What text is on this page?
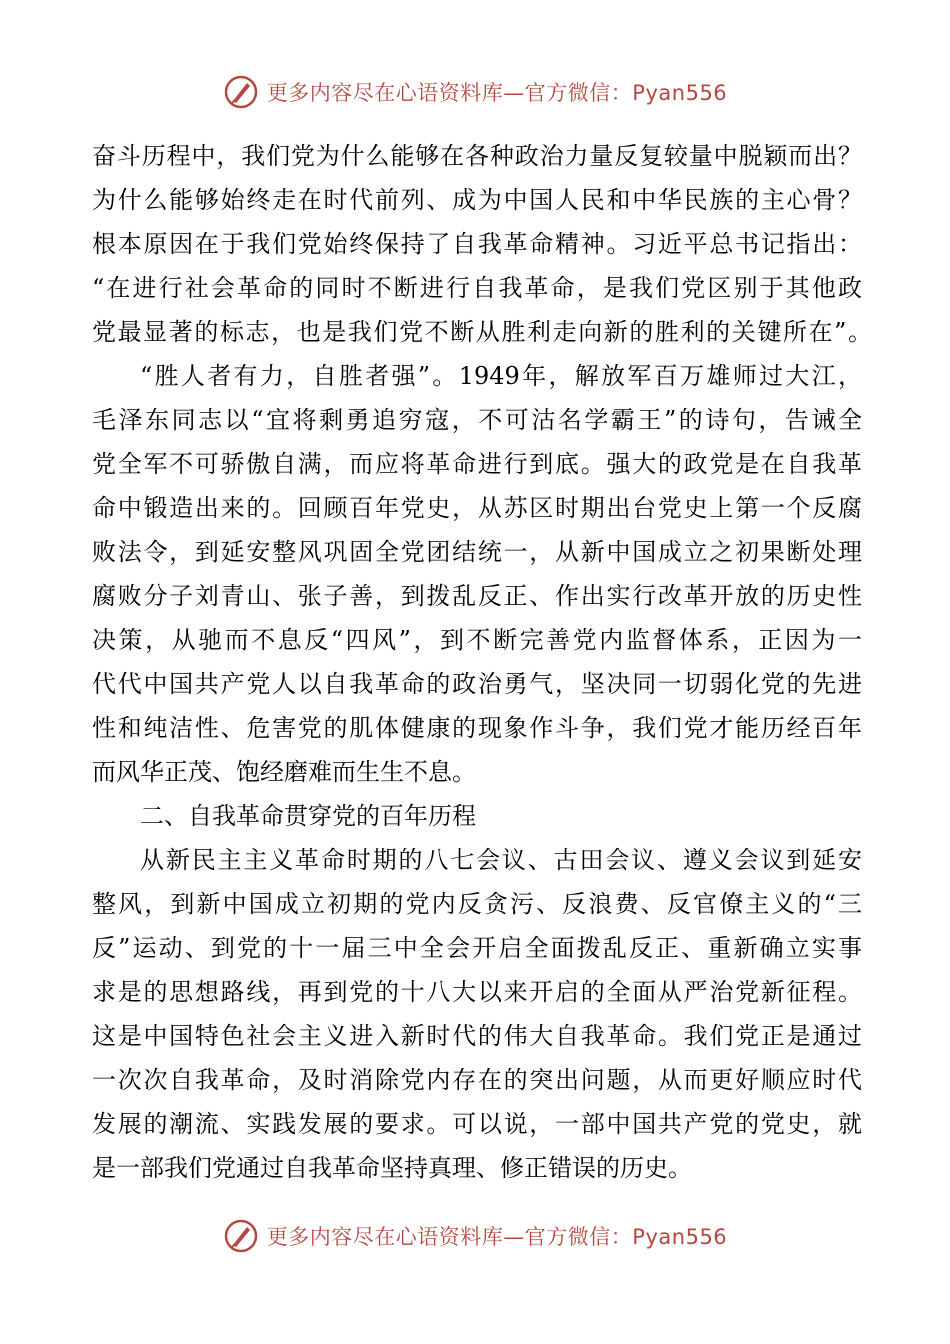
更多内容尽在心语资料库—官方微信：Pyan556
奋斗历程中，我们党为什么能够在各种政治力量反复较量中脱颖而出？
为什么能够始终走在时代前列、成为中国人民和中华民族的主心骨？
根本原因在于我们党始终保持了自我革命精神。习近平总书记指出：
“在进行社会革命的同时不断进行自我革命，是我们党区别于其他政
党最显著的标志，也是我们党不断从胜利走向新的胜利的关键所在”。
“胜人者有力，自胜者强”。1949年，解放军百万雄师过大江，
毛泽东同志以“宜将剩勇追穷寇，不可沽名学霸王”的诗句，告诫全
党全军不可骄傲自满，而应将革命进行到底。强大的政党是在自我革
命中锻造出来的。回顾百年党史，从苏区时期出台党史上第一个反腐
败法令，到延安整风巩固全党团结统一，从新中国成立之初果断处理
腐败分子刘青山、张子善，到拨乱反正、作出实行改革开放的历史性
决策，从驰而不息反“四风”，到不断完善党内监督体系，正因为一
代代中国共产党人以自我革命的政治勇气，坚决同一切弱化党的先进
性和纯洁性、危害党的肌体健康的现象作斗争，我们党才能历经百年
而风华正茂、饱经磨难而生生不息。
二、自我革命贯穿党的百年历程
从新民主主义革命时期的八七会议、古田会议、遵义会议到延安
整风，到新中国成立初期的党内反贪污、反浪费、反官僚主义的“三
反”运动、到党的十一届三中全会开启全面拨乱反正、重新确立实事
求是的思想路线，再到党的十八大以来开启的全面从严治党新征程。
这是中国特色社会主义进入新时代的伟大自我革命。我们党正是通过
一次次自我革命，及时消除党内存在的突出问题，从而更好顺应时代
发展的潮流、实践发展的要求。可以说，一部中国共产党的党史，就
是一部我们党通过自我革命坚持真理、修正错误的历史。
更多内容尽在心语资料库—官方微信：Pyan556
